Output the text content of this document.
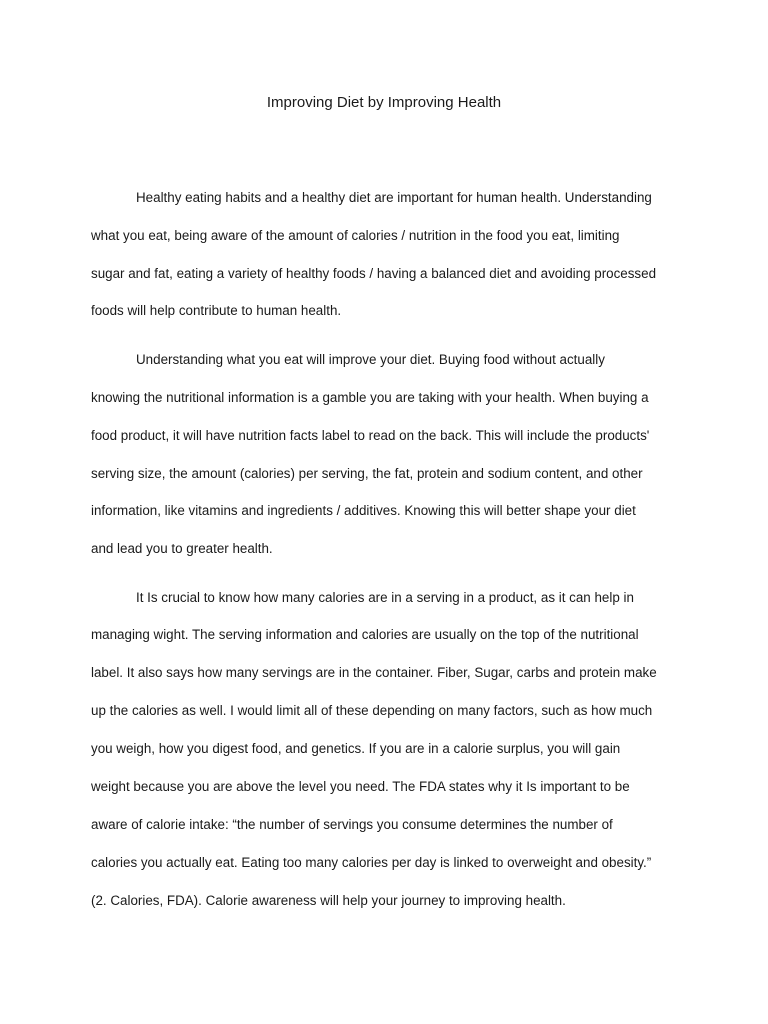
Improving Diet by Improving Health
Healthy eating habits and a healthy diet are important for human health. Understanding
what you eat, being aware of the amount of calories / nutrition in the food you eat, limiting
sugar and fat, eating a variety of healthy foods / having a balanced diet and avoiding processed
foods will help contribute to human health.
Understanding what you eat will improve your diet. Buying food without actually
knowing the nutritional information is a gamble you are taking with your health. When buying a
food product, it will have nutrition facts label to read on the back. This will include the products'
serving size, the amount (calories) per serving, the fat, protein and sodium content, and other
information, like vitamins and ingredients / additives. Knowing this will better shape your diet
and lead you to greater health.
It Is crucial to know how many calories are in a serving in a product, as it can help in
managing wight. The serving information and calories are usually on the top of the nutritional
label. It also says how many servings are in the container. Fiber, Sugar, carbs and protein make
up the calories as well. I would limit all of these depending on many factors, such as how much
you weigh, how you digest food, and genetics. If you are in a calorie surplus, you will gain
weight because you are above the level you need. The FDA states why it Is important to be
aware of calorie intake: “the number of servings you consume determines the number of
calories you actually eat. Eating too many calories per day is linked to overweight and obesity.”
(2. Calories, FDA). Calorie awareness will help your journey to improving health.
